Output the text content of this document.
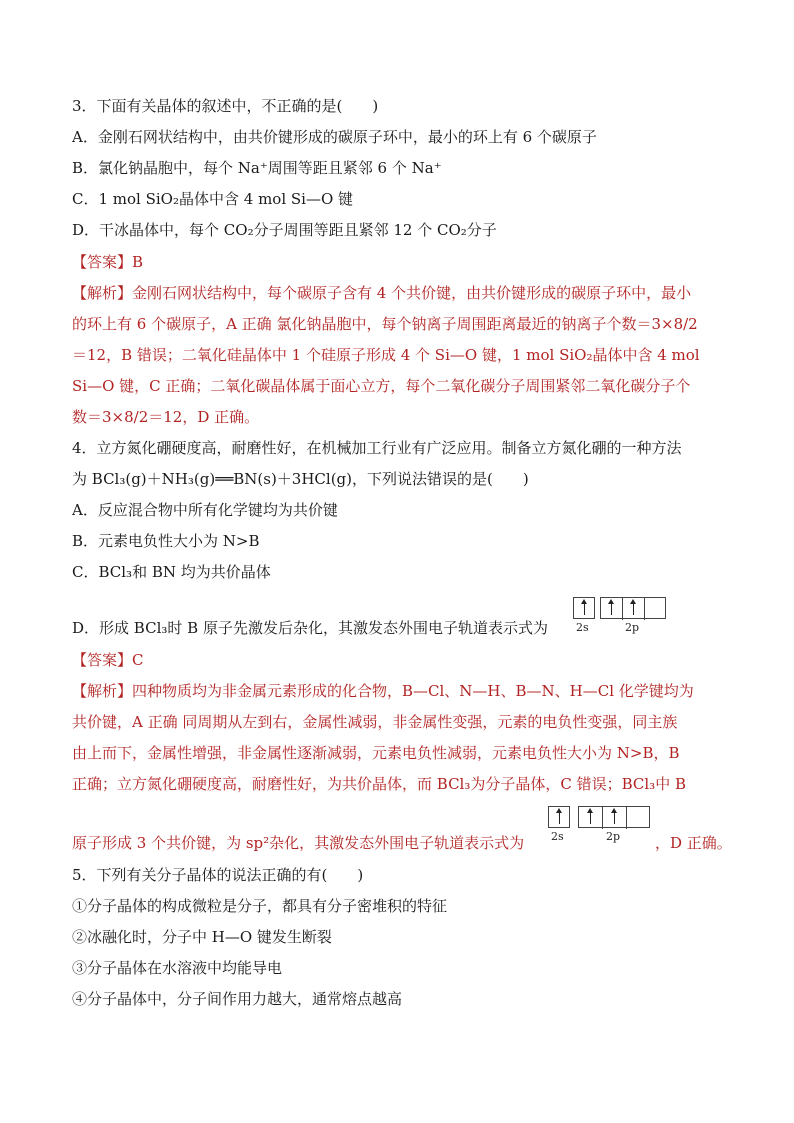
3．下面有关晶体的叙述中，不正确的是(　　)
A．金刚石网状结构中，由共价键形成的碳原子环中，最小的环上有 6 个碳原子
B．氯化钠晶胞中，每个 Na⁺周围等距且紧邻 6 个 Na⁺
C．1 mol SiO₂晶体中含 4 mol Si—O 键
D．干冰晶体中，每个 CO₂分子周围等距且紧邻 12 个 CO₂分子
【答案】B
【解析】金刚石网状结构中，每个碳原子含有 4 个共价键，由共价键形成的碳原子环中，最小
的环上有 6 个碳原子，A 正确 氯化钠晶胞中，每个钠离子周围距离最近的钠离子个数＝3×8/2
＝12，B 错误；二氧化硅晶体中 1 个硅原子形成 4 个 Si—O 键，1 mol SiO₂晶体中含 4 mol
Si—O 键，C 正确；二氧化碳晶体属于面心立方，每个二氧化碳分子周围紧邻二氧化碳分子个
数＝3×8/2＝12，D 正确。
4．立方氮化硼硬度高，耐磨性好，在机械加工行业有广泛应用。制备立方氮化硼的一种方法
为 BCl₃(g)＋NH₃(g)══BN(s)＋3HCl(g)，下列说法错误的是(　　)
A．反应混合物中所有化学键均为共价键
B．元素电负性大小为 N>B
C．BCl₃和 BN 均为共价晶体
D．形成 BCl₃时 B 原子先激发后杂化，其激发态外围电子轨道表示式为	2s	2p
【答案】C
【解析】四种物质均为非金属元素形成的化合物，B—Cl、N—H、B—N、H—Cl 化学键均为
共价键，A 正确 同周期从左到右，金属性减弱，非金属性变强，元素的电负性变强，同主族
由上而下，金属性增强，非金属性逐渐减弱，元素电负性减弱，元素电负性大小为 N>B，B
正确；立方氮化硼硬度高，耐磨性好，为共价晶体，而 BCl₃为分子晶体，C 错误；BCl₃中 B
原子形成 3 个共价键，为 sp²杂化，其激发态外围电子轨道表示式为 2s	2p ，D 正确。
5．下列有关分子晶体的说法正确的有(　　)
①分子晶体的构成微粒是分子，都具有分子密堆积的特征
②冰融化时，分子中 H—O 键发生断裂
③分子晶体在水溶液中均能导电
④分子晶体中，分子间作用力越大，通常熔点越高
